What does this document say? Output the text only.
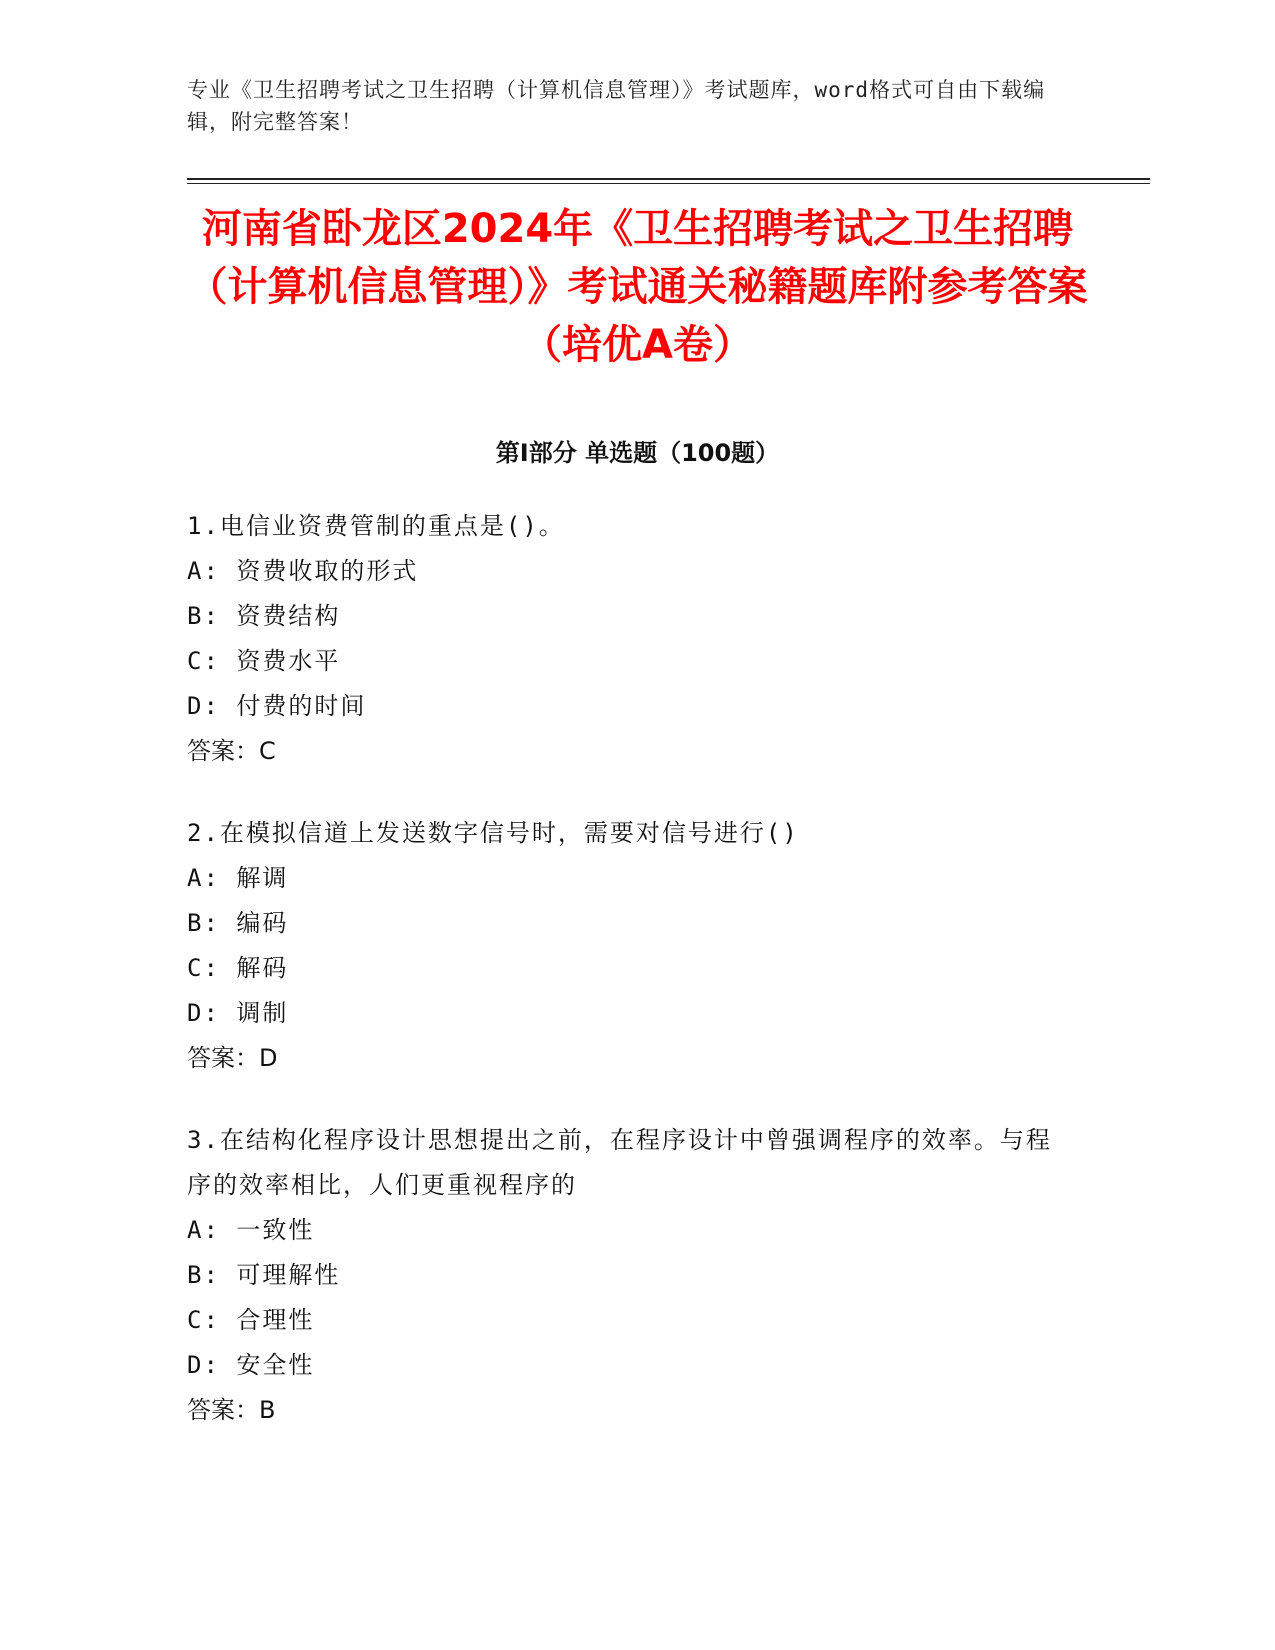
专业《卫生招聘考试之卫生招聘（计算机信息管理）》考试题库，word格式可自由下载编辑，附完整答案！
河南省卧龙区2024年《卫生招聘考试之卫生招聘（计算机信息管理）》考试通关秘籍题库附参考答案（培优A卷）
第I部分 单选题（100题）
1.电信业资费管制的重点是()。
A: 资费收取的形式
B: 资费结构
C: 资费水平
D: 付费的时间
答案：C
2.在模拟信道上发送数字信号时，需要对信号进行()
A: 解调
B: 编码
C: 解码
D: 调制
答案：D
3.在结构化程序设计思想提出之前，在程序设计中曾强调程序的效率。与程序的效率相比，人们更重视程序的
A: 一致性
B: 可理解性
C: 合理性
D: 安全性
答案：B
